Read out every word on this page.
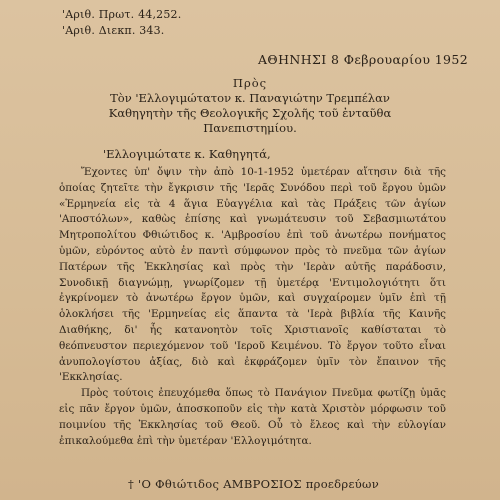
'Αριθ. Πρωτ. 44,252.
'Αριθ. Διεκπ. 343.
ΑΘΗΝΗΣΙ 8 Φεβρουαρίου 1952
Πρὸς
Τὸν 'Ελλογιμώτατον κ. Παναγιώτην Τρεμπέλαν
Καθηγητὴν τῆς Θεολογικῆς Σχολῆς τοῦ ἐνταῦθα
Πανεπιστημίου.
'Ελλογιμώτατε κ. Καθηγητά,

Ἔχοντες ὑπ' ὄψιν τὴν ἀπὸ 10-1-1952 ὑμετέραν αἴτησιν διὰ τῆς ὁποίας ζητεῖτε τὴν ἔγκρισιν τῆς 'Ιερᾶς Συνόδου περὶ τοῦ ἔργου ὑμῶν «Ἑρμηνεία εἰς τὰ 4 ἅγια Εὐαγγέλια καὶ τὰς Πράξεις τῶν ἁγίων 'Αποστόλων», καθὼς ἐπίσης καὶ γνωμάτευσιν τοῦ Σεβασμιωτάτου Μητροπολίτου Φθιώτιδος κ. 'Αμβροσίου ἐπὶ τοῦ ἀνωτέρω πονήματος ὑμῶν, εὑρόντος αὐτὸ ἐν παντὶ σύμφωνον πρὸς τὸ πνεῦμα τῶν ἁγίων Πατέρων τῆς Ἐκκλησίας καὶ πρὸς τὴν 'Ιερὰν αὐτῆς παράδοσιν, Συνοδικῇ διαγνώμῃ, γνωρίζομεν τῇ ὑμετέρᾳ 'Εντιμολογιότητι ὅτι ἐγκρίνομεν τὸ ἀνωτέρω ἔργον ὑμῶν, καὶ συγχαίρομεν ὑμῖν ἐπὶ τῇ ὁλοκλήσει τῆς 'Ερμηνείας εἰς ἅπαντα τὰ 'Ιερὰ βιβλία τῆς Καινῆς Διαθήκης, δι' ἧς κατανοητὸν τοῖς Χριστιανοῖς καθίσταται τὸ θεόπνευστον περιεχόμενον τοῦ 'Ιεροῦ Κειμένου. Τὸ ἔργον τοῦτο εἶναι ἀνυπολογίστου ἀξίας, διὸ καὶ ἐκφράζομεν ὑμῖν τὸν ἔπαινον τῆς 'Εκκλησίας.

Πρὸς τούτοις ἐπευχόμεθα ὅπως τὸ Πανάγιον Πνεῦμα φωτίζῃ ὑμᾶς εἰς πᾶν ἔργον ὑμῶν, ἀποσκοποῦν εἰς τὴν κατὰ Χριστὸν μόρφωσιν τοῦ ποιμνίου τῆς Ἐκκλησίας τοῦ Θεοῦ. Οὗ τὸ ἔλεος καὶ τὴν εὐλογίαν ἐπικαλούμεθα ἐπὶ τὴν ὑμετέραν 'Ελλογιμότητα.

† 'Ο Φθιώτιδος ΑΜΒΡΟΣΙΟΣ προεδρεύων
